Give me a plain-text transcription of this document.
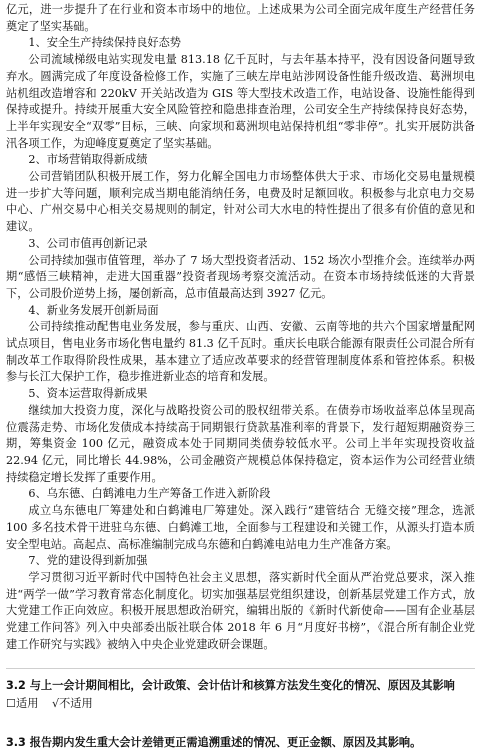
亿元，进一步提升了在行业和资本市场中的地位。上述成果为公司全面完成年度生产经营任务奠定了坚实基础。

1、安全生产持续保持良好态势

公司流域梯级电站实现发电量 813.18 亿千瓦时，与去年基本持平，没有因设备问题导致弃水。圆满完成了年度设备检修工作，实施了三峡左岸电站涉网设备性能升级改造、葛洲坝电站机组改造增容和 220kV 开关站改造为 GIS 等大型技术改造工作，电站设备、设施性能得到保持或提升。持续开展重大安全风险管控和隐患排查治理，公司安全生产持续保持良好态势，上半年实现安全“双零”目标，三峡、向家坝和葛洲坝电站保持机组“零非停”。扎实开展防洪备汛各项工作，为迎峰度夏奠定了坚实基础。

2、市场营销取得新成绩

公司营销团队积极开展工作，努力化解全国电力市场整体供大于求、市场化交易电量规模进一步扩大等问题，顺利完成当期电能消纳任务，电费及时足额回收。积极参与北京电力交易中心、广州交易中心相关交易规则的制定，针对公司大水电的特性提出了很多有价值的意见和建议。

3、公司市值再创新记录

公司持续加强市值管理，举办了 7 场大型投资者活动、152 场次小型推介会。连续举办两期“感悟三峡精神，走进大国重器”投资者现场考察交流活动。在资本市场持续低迷的大背景下，公司股价逆势上扬，屡创新高，总市值最高达到 3927 亿元。

4、新业务发展开创新局面

公司持续推动配售电业务发展，参与重庆、山西、安徽、云南等地的共六个国家增量配网试点项目，售电业务市场化售电量约 81.3 亿千瓦时。重庆长电联合能源有限责任公司混合所有制改革工作取得阶段性成果，基本建立了适应改革要求的经营管理制度体系和管控体系。积极参与长江大保护工作，稳步推进新业态的培育和发展。

5、资本运营取得新成果

继续加大投资力度，深化与战略投资公司的股权纽带关系。在债券市场收益率总体呈现高位震荡走势、市场化发债成本持续高于同期银行贷款基准利率的背景下，发行超短期融资券三期，筹集资金 100 亿元，融资成本处于同期同类债券较低水平。公司上半年实现投资收益 22.94 亿元，同比增长 44.98%，公司金融资产规模总体保持稳定，资本运作为公司经营业绩持续稳定增长发挥了重要作用。

6、乌东德、白鹤滩电力生产筹备工作进入新阶段

成立乌东德电厂筹建处和白鹤滩电厂筹建处。深入践行“建管结合 无缝交接”理念，选派 100 多名技术骨干进驻乌东德、白鹤滩工地，全面参与工程建设和关键工作，从源头打造本质安全型电站。高起点、高标准编制完成乌东德和白鹤滩电站电力生产准备方案。

7、党的建设得到新加强

学习贯彻习近平新时代中国特色社会主义思想，落实新时代全面从严治党总要求，深入推进“两学一做”学习教育常态化制度化。切实加强基层党组织建设，创新基层党建工作方式，放大党建工作正向效应。积极开展思想政治研究，编辑出版的《新时代新使命——国有企业基层党建工作问答》列入中央部委出版社联合体 2018 年 6 月“月度好书榜”，《混合所有制企业党建工作研究与实践》被纳入中央企业党建政研会课题。

3.2 与上一会计期间相比，会计政策、会计估计和核算方法发生变化的情况、原因及其影响

☐适用 √不适用

3.3 报告期内发生重大会计差错更正需追溯重述的情况、更正金额、原因及其影响。
